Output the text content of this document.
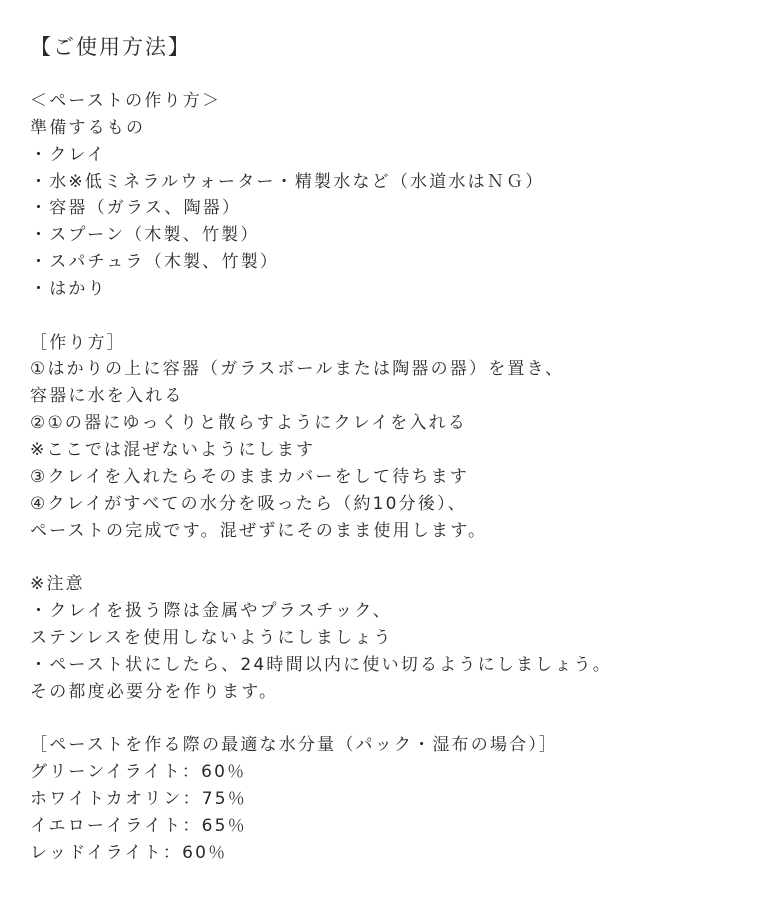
【ご使用方法】
＜ペーストの作り方＞
準備するもの
・クレイ
・水※低ミネラルウォーター・精製水など（水道水はＮＧ）
・容器（ガラス、陶器）
・スプーン（木製、竹製）
・スパチュラ（木製、竹製）
・はかり
［作り方］
①はかりの上に容器（ガラスボールまたは陶器の器）を置き、
容器に水を入れる
②①の器にゆっくりと散らすようにクレイを入れる
※ここでは混ぜないようにします
③クレイを入れたらそのままカバーをして待ちます
④クレイがすべての水分を吸ったら（約10分後）、
ペーストの完成です。混ぜずにそのまま使用します。
※注意
・クレイを扱う際は金属やプラスチック、
ステンレスを使用しないようにしましょう
・ペースト状にしたら、24時間以内に使い切るようにしましょう。
その都度必要分を作ります。
［ペーストを作る際の最適な水分量（パック・湿布の場合）］
グリーンイライト：60％
ホワイトカオリン：75％
イエローイライト：65％
レッドイライト：60％
